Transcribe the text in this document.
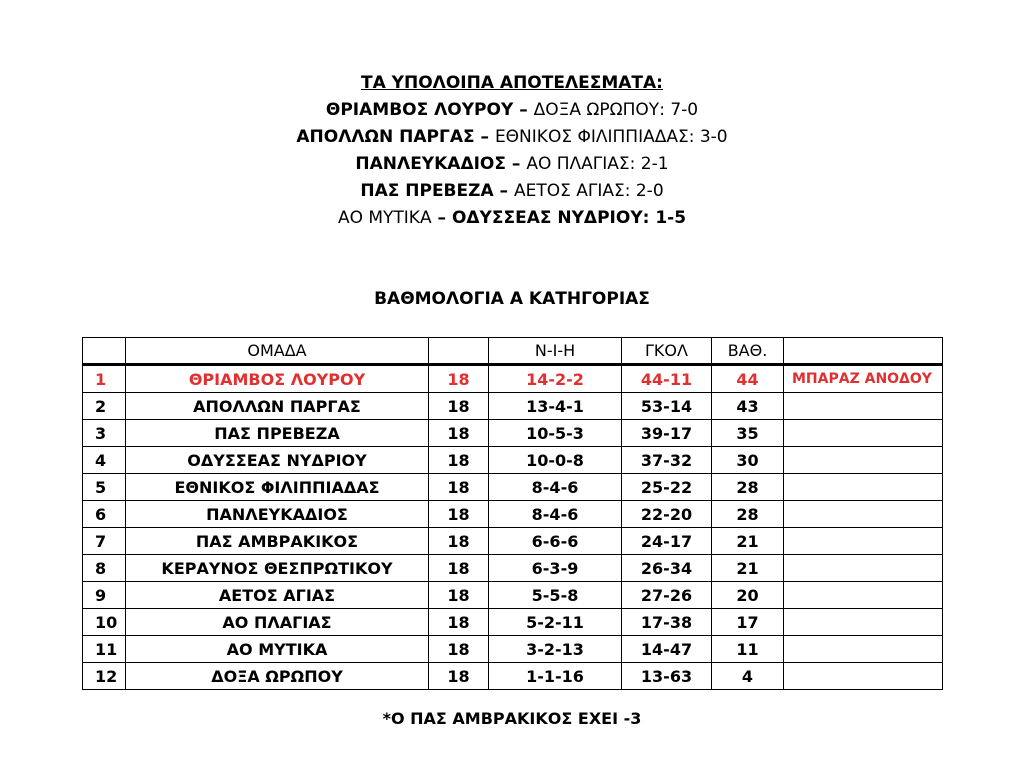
ΤΑ ΥΠΟΛΟΙΠΑ ΑΠΟΤΕΛΕΣΜΑΤΑ:
ΘΡΙΑΜΒΟΣ ΛΟΥΡΟΥ – ΔΟΞΑ ΩΡΩΠΟΥ: 7-0
ΑΠΟΛΛΩΝ ΠΑΡΓΑΣ – ΕΘΝΙΚΟΣ ΦΙΛΙΠΠΙΑΔΑΣ: 3-0
ΠΑΝΛΕΥΚΑΔΙΟΣ – ΑΟ ΠΛΑΓΙΑΣ: 2-1
ΠΑΣ ΠΡΕΒΕΖΑ – ΑΕΤΟΣ ΑΓΙΑΣ: 2-0
ΑΟ ΜΥΤΙΚΑ – ΟΔΥΣΣΕΑΣ ΝΥΔΡΙΟΥ: 1-5
ΒΑΘΜΟΛΟΓΙΑ Α ΚΑΤΗΓΟΡΙΑΣ
	ΟΜΑΔΑ		Ν-Ι-Η	ΓΚΟΛ	ΒΑΘ.	
1	ΘΡΙΑΜΒΟΣ ΛΟΥΡΟΥ	18	14-2-2	44-11	44	ΜΠΑΡΑΖ ΑΝΟΔΟΥ
2	ΑΠΟΛΛΩΝ ΠΑΡΓΑΣ	18	13-4-1	53-14	43	
3	ΠΑΣ ΠΡΕΒΕΖΑ	18	10-5-3	39-17	35	
4	ΟΔΥΣΣΕΑΣ ΝΥΔΡΙΟΥ	18	10-0-8	37-32	30	
5	ΕΘΝΙΚΟΣ ΦΙΛΙΠΠΙΑΔΑΣ	18	8-4-6	25-22	28	
6	ΠΑΝΛΕΥΚΑΔΙΟΣ	18	8-4-6	22-20	28	
7	ΠΑΣ ΑΜΒΡΑΚΙΚΟΣ	18	6-6-6	24-17	21	
8	ΚΕΡΑΥΝΟΣ ΘΕΣΠΡΩΤΙΚΟΥ	18	6-3-9	26-34	21	
9	ΑΕΤΟΣ ΑΓΙΑΣ	18	5-5-8	27-26	20	
10	ΑΟ ΠΛΑΓΙΑΣ	18	5-2-11	17-38	17	
11	ΑΟ ΜΥΤΙΚΑ	18	3-2-13	14-47	11	
12	ΔΟΞΑ ΩΡΩΠΟΥ	18	1-1-16	13-63	4	
*Ο ΠΑΣ ΑΜΒΡΑΚΙΚΟΣ ΕΧΕΙ -3
